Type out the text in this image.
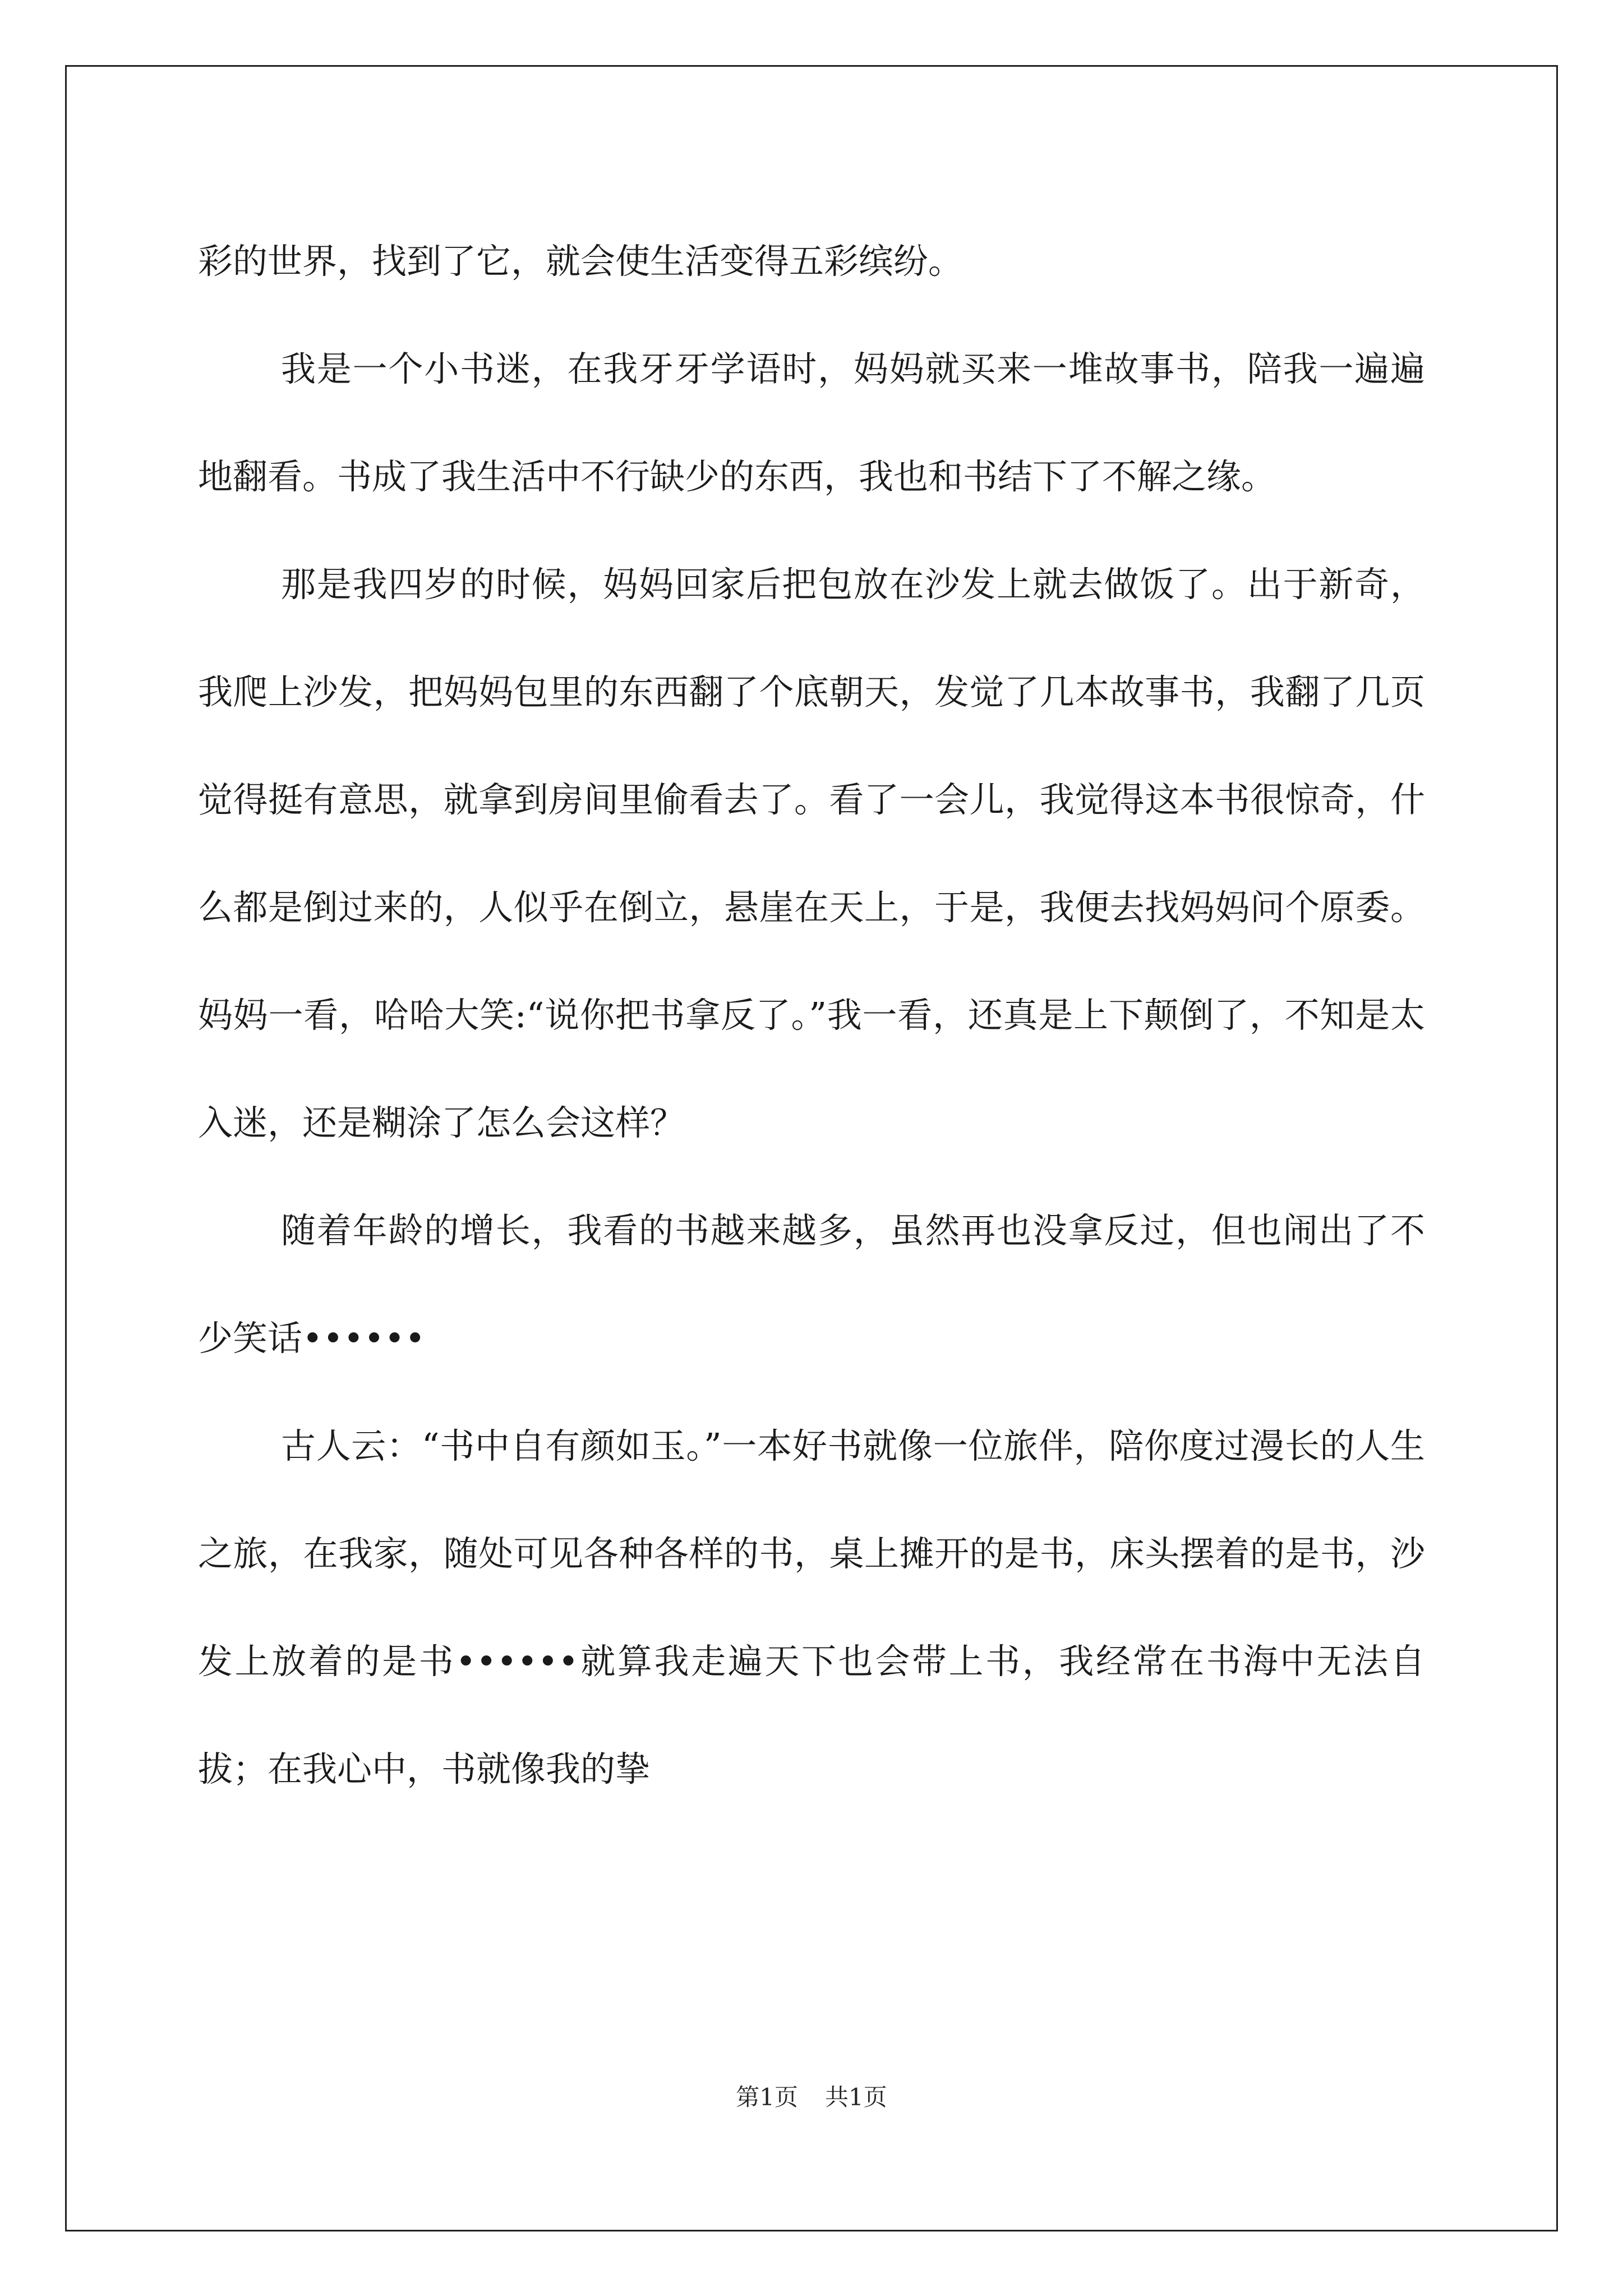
彩的世界，找到了它，就会使生活变得五彩缤纷。

我是一个小书迷，在我牙牙学语时，妈妈就买来一堆故事书，陪我一遍遍地翻看。书成了我生活中不行缺少的东西，我也和书结下了不解之缘。

那是我四岁的时候，妈妈回家后把包放在沙发上就去做饭了。出于新奇，我爬上沙发，把妈妈包里的东西翻了个底朝天，发觉了几本故事书，我翻了几页觉得挺有意思，就拿到房间里偷看去了。看了一会儿，我觉得这本书很惊奇，什么都是倒过来的，人似乎在倒立，悬崖在天上，于是，我便去找妈妈问个原委。妈妈一看，哈哈大笑:“说你把书拿反了。”我一看，还真是上下颠倒了，不知是太入迷，还是糊涂了怎么会这样？

随着年龄的增长，我看的书越来越多，虽然再也没拿反过，但也闹出了不少笑话••••••

古人云：“书中自有颜如玉。”一本好书就像一位旅伴，陪你度过漫长的人生之旅，在我家，随处可见各种各样的书，桌上摊开的是书，床头摆着的是书，沙发上放着的是书••••••就算我走遍天下也会带上书，我经常在书海中无法自拔；在我心中，书就像我的挚

第1页 共1页
